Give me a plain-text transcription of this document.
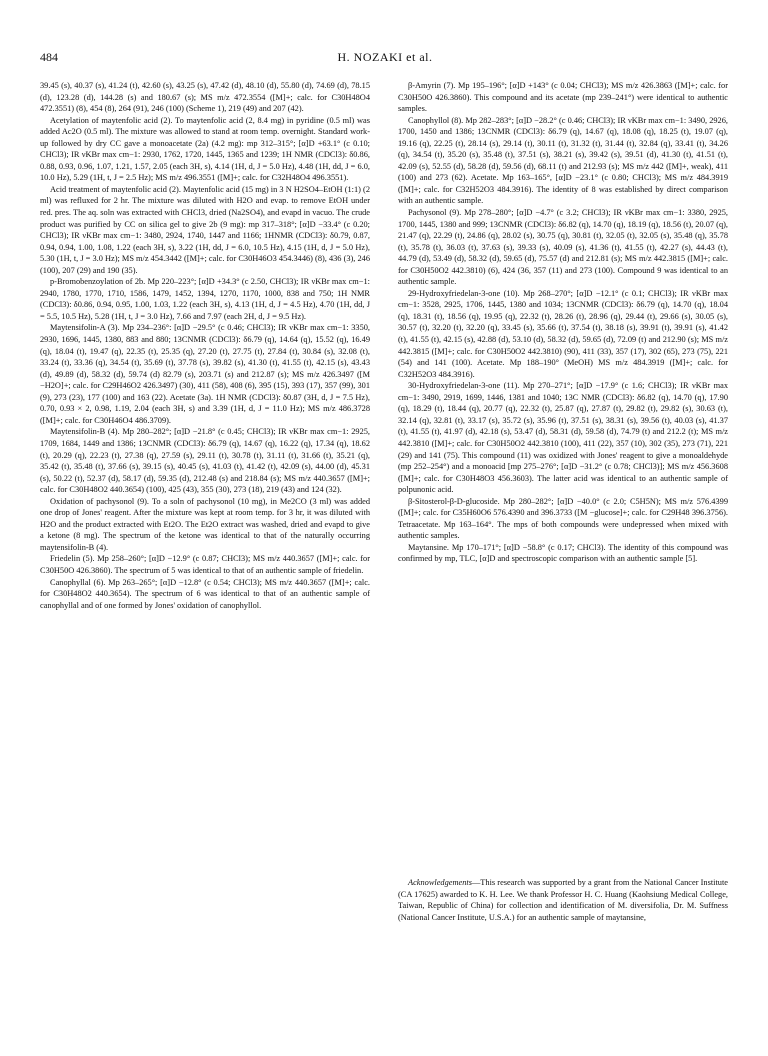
484	H. NOZAKI et al.

39.45 (s), 40.37 (s), 41.24 (t), 42.60 (s), 43.25 (s), 47.42 (d), 48.10 (d), 55.80 (d), 74.69 (d), 78.15 (d), 123.28 (d), 144.28 (s) and 180.67 (s); MS m/z 472.3554 ([M]+; calc. for C30H48O4 472.3551) (8), 454 (8), 264 (91), 246 (100) (Scheme 1), 219 (49) and 207 (42).

Acetylation of maytenfolic acid (2). To maytenfolic acid (2, 8.4 mg) in pyridine (0.5 ml) was added Ac2O (0.5 ml). The mixture was allowed to stand at room temp. overnight. Standard work-up followed by dry CC gave a monoacetate (2a) (4.2 mg): mp 312–315°; [α]D +63.1° (c 0.10; CHCl3); IR νKBr max cm−1: 2930, 1762, 1720, 1445, 1365 and 1239; 1H NMR (CDCl3): δ0.86, 0.88, 0.93, 0.96, 1.07, 1.21, 1.57, 2.05 (each 3H, s), 4.14 (1H, d, J = 5.0 Hz), 4.48 (1H, dd, J = 6.0, 10.0 Hz), 5.29 (1H, t, J = 2.5 Hz); MS m/z 496.3551 ([M]+; calc. for C32H48O4 496.3551).

Acid treatment of maytenfolic acid (2). Maytenfolic acid (15 mg) in 3 N H2SO4–EtOH (1:1) (2 ml) was refluxed for 2 hr. The mixture was diluted with H2O and evap. to remove EtOH under red. pres. The aq. soln was extracted with CHCl3, dried (Na2SO4), and evapd in vacuo. The crude product was purified by CC on silica gel to give 2b (9 mg): mp 317–318°; [α]D −33.4° (c 0.20; CHCl3); IR νKBr max cm−1: 3480, 2924, 1740, 1447 and 1166; 1HNMR (CDCl3): δ0.79, 0.87, 0.94, 0.94, 1.00, 1.08, 1.22 (each 3H, s), 3.22 (1H, dd, J = 6.0, 10.5 Hz), 4.15 (1H, d, J = 5.0 Hz), 5.30 (1H, t, J = 3.0 Hz); MS m/z 454.3442 ([M]+; calc. for C30H46O3 454.3446) (8), 436 (3), 246 (100), 207 (29) and 190 (35).

p-Bromobenzoylation of 2b. Mp 220–223°; [α]D +34.3° (c 2.50, CHCl3); IR νKBr max cm−1: 2940, 1780, 1770, 1710, 1586, 1479, 1452, 1394, 1270, 1170, 1000, 838 and 750; 1H NMR (CDCl3): δ0.86, 0.94, 0.95, 1.00, 1.03, 1.22 (each 3H, s), 4.13 (1H, d, J = 4.5 Hz), 4.70 (1H, dd, J = 5.5, 10.5 Hz), 5.28 (1H, t, J = 3.0 Hz), 7.66 and 7.97 (each 2H, d, J = 9.5 Hz).

Maytensifolin-A (3). Mp 234–236°: [α]D −29.5° (c 0.46; CHCl3); IR νKBr max cm−1: 3350, 2930, 1696, 1445, 1380, 883 and 880; 13CNMR (CDCl3): δ6.79 (q), 14.64 (q), 15.52 (q), 16.49 (q), 18.04 (t), 19.47 (q), 22.35 (t), 25.35 (q), 27.20 (t), 27.75 (t), 27.84 (t), 30.84 (s), 32.08 (t), 33.24 (t), 33.36 (q), 34.54 (t), 35.69 (t), 37.78 (s), 39.82 (s), 41.30 (t), 41.55 (t), 42.15 (s), 43.43 (d), 49.89 (d), 58.32 (d), 59.74 (d) 82.79 (s), 203.71 (s) and 212.87 (s); MS m/z 426.3497 ([M −H2O]+; calc. for C29H46O2 426.3497) (30), 411 (58), 408 (6), 395 (15), 393 (17), 357 (99), 301 (9), 273 (23), 177 (100) and 163 (22). Acetate (3a). 1H NMR (CDCl3): δ0.87 (3H, d, J = 7.5 Hz), 0.70, 0.93 × 2, 0.98, 1.19, 2.04 (each 3H, s) and 3.39 (1H, d, J = 11.0 Hz); MS m/z 486.3728 ([M]+; calc. for C30H46O4 486.3709).

Maytensifolin-B (4). Mp 280–282°; [α]D −21.8° (c 0.45; CHCl3); IR νKBr max cm−1: 2925, 1709, 1684, 1449 and 1386; 13CNMR (CDCl3): δ6.79 (q), 14.67 (q), 16.22 (q), 17.34 (q), 18.62 (t), 20.29 (q), 22.23 (t), 27.38 (q), 27.59 (s), 29.11 (t), 30.78 (t), 31.11 (t), 31.66 (t), 35.21 (q), 35.42 (t), 35.48 (t), 37.66 (s), 39.15 (s), 40.45 (s), 41.03 (t), 41.42 (t), 42.09 (s), 44.00 (d), 45.31 (s), 50.22 (t), 52.37 (d), 58.17 (d), 59.35 (d), 212.48 (s) and 218.84 (s); MS m/z 440.3657 ([M]+; calc. for C30H48O2 440.3654) (100), 425 (43), 355 (30), 273 (18), 219 (43) and 124 (32).

Oxidation of pachysonol (9). To a soln of pachysonol (10 mg), in Me2CO (3 ml) was added one drop of Jones' reagent. After the mixture was kept at room temp. for 3 hr, it was diluted with H2O and the product extracted with Et2O. The Et2O extract was washed, dried and evapd to give a ketone (8 mg). The spectrum of the ketone was identical to that of the naturally occurring maytensifolin-B (4).

Friedelin (5). Mp 258–260°; [α]D −12.9° (c 0.87; CHCl3); MS m/z 440.3657 ([M]+; calc. for C30H50O 426.3860). The spectrum of 5 was identical to that of an authentic sample of friedelin.

Canophyllal (6). Mp 263–265°; [α]D −12.8° (c 0.54; CHCl3); MS m/z 440.3657 ([M]+; calc. for C30H48O2 440.3654). The spectrum of 6 was identical to that of an authentic sample of canophyllal and of one formed by Jones' oxidation of canophyllol.

β-Amyrin (7). Mp 195–196°; [α]D +143° (c 0.04; CHCl3); MS m/z 426.3863 ([M]+; calc. for C30H50O 426.3860). This compound and its acetate (mp 239–241°) were identical to authentic samples.

Canophyllol (8). Mp 282–283°; [α]D −28.2° (c 0.46; CHCl3); IR νKBr max cm−1: 3490, 2926, 1700, 1450 and 1386; 13CNMR (CDCl3): δ6.79 (q), 14.67 (q), 18.08 (q), 18.25 (t), 19.07 (q), 19.16 (q), 22.25 (t), 28.14 (s), 29.14 (t), 30.11 (t), 31.32 (t), 31.44 (t), 32.84 (q), 33.41 (t), 34.26 (q), 34.54 (t), 35.20 (s), 35.48 (t), 37.51 (s), 38.21 (s), 39.42 (s), 39.51 (d), 41.30 (t), 41.51 (t), 42.09 (s), 52.55 (d), 58.28 (d), 59.56 (d), 68.11 (t) and 212.93 (s); MS m/z 442 ([M]+, weak), 411 (100) and 273 (62). Acetate. Mp 163–165°, [α]D −23.1° (c 0.80; CHCl3); MS m/z 484.3919 ([M]+; calc. for C32H52O3 484.3916). The identity of 8 was established by direct comparison with an authentic sample.

Pachysonol (9). Mp 278–280°; [α]D −4.7° (c 3.2; CHCl3); IR νKBr max cm−1: 3380, 2925, 1700, 1445, 1380 and 999; 13CNMR (CDCl3): δ6.82 (q), 14.70 (q), 18.19 (q), 18.56 (t), 20.07 (q), 21.47 (q), 22.29 (t), 24.86 (q), 28.02 (s), 30.75 (q), 30.81 (t), 32.05 (t), 32.05 (s), 35.48 (q), 35.78 (t), 35.78 (t), 36.03 (t), 37.63 (s), 39.33 (s), 40.09 (s), 41.36 (t), 41.55 (t), 42.27 (s), 44.43 (t), 44.79 (d), 53.49 (d), 58.32 (d), 59.65 (d), 75.57 (d) and 212.81 (s); MS m/z 442.3815 ([M]+; calc. for C30H50O2 442.3810) (6), 424 (36, 357 (11) and 273 (100). Compound 9 was identical to an authentic sample.

29-Hydroxyfriedelan-3-one (10). Mp 268–270°; [α]D −12.1° (c 0.1; CHCl3); IR νKBr max cm−1: 3528, 2925, 1706, 1445, 1380 and 1034; 13CNMR (CDCl3): δ6.79 (q), 14.70 (q), 18.04 (q), 18.31 (t), 18.56 (q), 19.95 (q), 22.32 (t), 28.26 (t), 28.96 (q), 29.44 (t), 29.66 (s), 30.05 (s), 30.57 (t), 32.20 (t), 32.20 (q), 33.45 (s), 35.66 (t), 37.54 (t), 38.18 (s), 39.91 (t), 39.91 (s), 41.42 (t), 41.55 (t), 42.15 (s), 42.88 (d), 53.10 (d), 58.32 (d), 59.65 (d), 72.09 (t) and 212.90 (s); MS m/z 442.3815 ([M]+; calc. for C30H50O2 442.3810) (90), 411 (33), 357 (17), 302 (65), 273 (75), 221 (54) and 141 (100). Acetate. Mp 188–190° (MeOH) MS m/z 484.3919 ([M]+; calc. for C32H52O3 484.3916).

30-Hydroxyfriedelan-3-one (11). Mp 270–271°; [α]D −17.9° (c 1.6; CHCl3); IR νKBr max cm−1: 3490, 2919, 1699, 1446, 1381 and 1040; 13C NMR (CDCl3): δ6.82 (q), 14.70 (q), 17.90 (q), 18.29 (t), 18.44 (q), 20.77 (q), 22.32 (t), 25.87 (q), 27.87 (t), 29.82 (t), 29.82 (s), 30.63 (t), 32.14 (q), 32.81 (t), 33.17 (s), 35.72 (s), 35.96 (t), 37.51 (s), 38.31 (s), 39.56 (t), 40.03 (s), 41.37 (t), 41.55 (t), 41.97 (d), 42.18 (s), 53.47 (d), 58.31 (d), 59.58 (d), 74.79 (t) and 212.2 (t); MS m/z 442.3810 ([M]+; calc. for C30H50O2 442.3810 (100), 411 (22), 357 (10), 302 (35), 273 (71), 221 (29) and 141 (75). This compound (11) was oxidized with Jones' reagent to give a monoaldehyde (mp 252–254°) and a monoacid [mp 275–276°; [α]D −31.2° (c 0.78; CHCl3)]; MS m/z 456.3608 ([M]+; calc. for C30H48O3 456.3603). The latter acid was identical to an authentic sample of polpunonic acid.

β-Sitosterol-β-D-glucoside. Mp 280–282°; [α]D −40.0° (c 2.0; C5H5N); MS m/z 576.4399 ([M]+; calc. for C35H60O6 576.4390 and 396.3733 ([M −glucose]+; calc. for C29H48 396.3756). Tetraacetate. Mp 163–164°. The mps of both compounds were undepressed when mixed with authentic samples.

Maytansine. Mp 170–171°; [α]D −58.8° (c 0.17; CHCl3). The identity of this compound was confirmed by mp, TLC, [α]D and spectroscopic comparison with an authentic sample [5].

Acknowledgements—This research was supported by a grant from the National Cancer Institute (CA 17625) awarded to K. H. Lee. We thank Professor H. C. Huang (Kaohsiung Medical College, Taiwan, Republic of China) for collection and identification of M. diversifolia, Dr. M. Suffness (National Cancer Institute, U.S.A.) for an authentic sample of maytansine,
